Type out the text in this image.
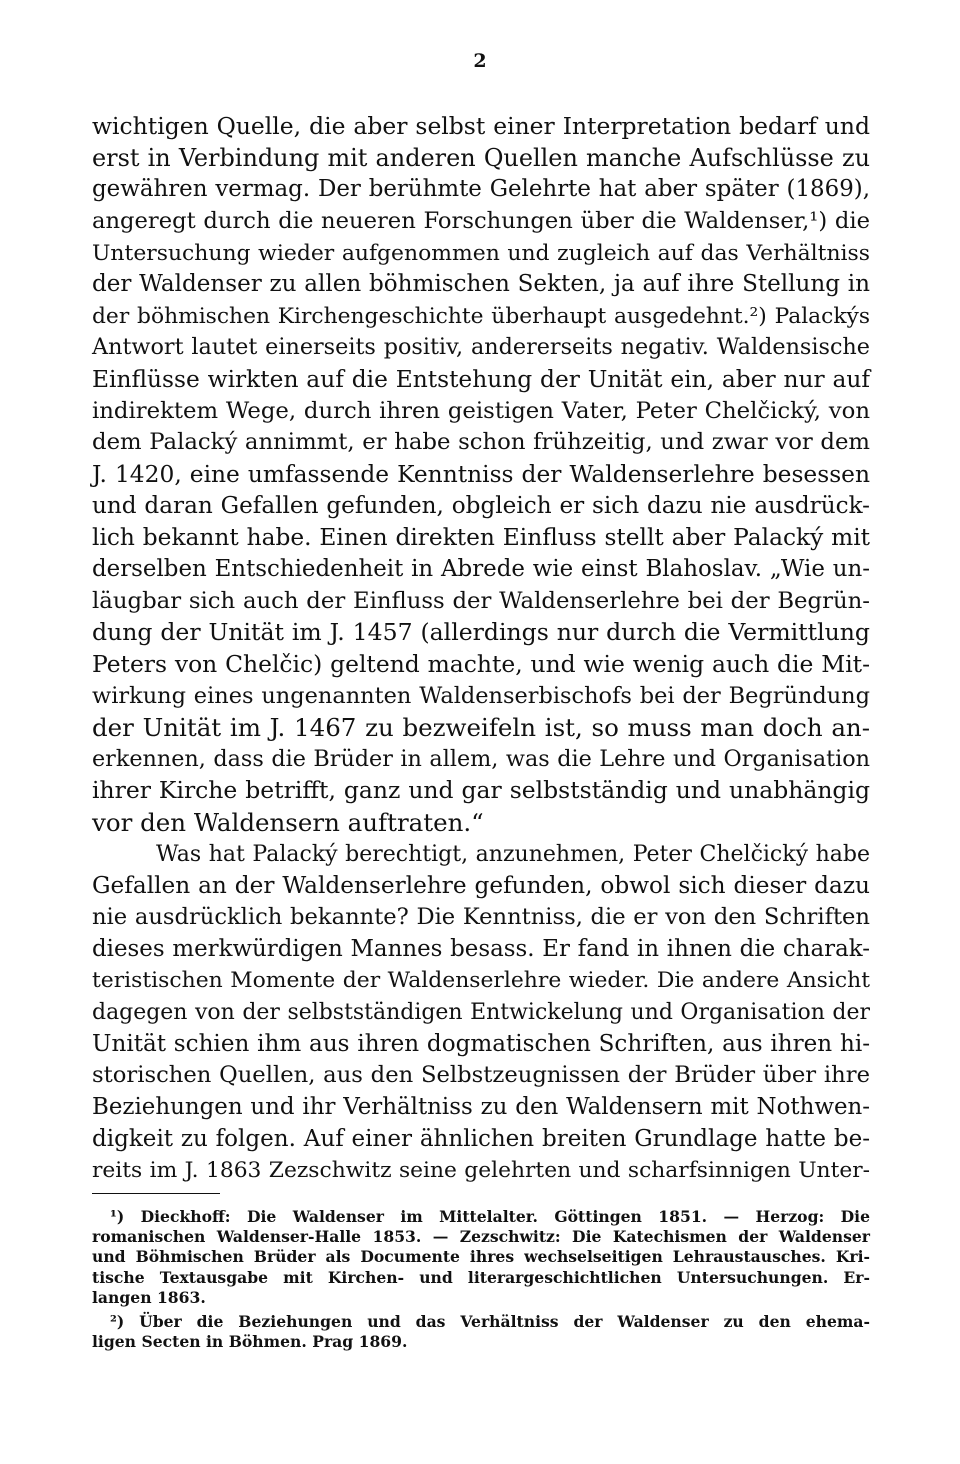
2
wichtigen Quelle, die aber selbst einer Interpretation bedarf und
erst in Verbindung mit anderen Quellen manche Aufschlüsse zu
gewähren vermag. Der berühmte Gelehrte hat aber später (1869),
angeregt durch die neueren Forschungen über die Waldenser,¹) die
Untersuchung wieder aufgenommen und zugleich auf das Verhältniss
der Waldenser zu allen böhmischen Sekten, ja auf ihre Stellung in
der böhmischen Kirchengeschichte überhaupt ausgedehnt.²) Palackýs
Antwort lautet einerseits positiv, andererseits negativ. Waldensische
Einflüsse wirkten auf die Entstehung der Unität ein, aber nur auf
indirektem Wege, durch ihren geistigen Vater, Peter Chelčický, von
dem Palacký annimmt, er habe schon frühzeitig, und zwar vor dem
J. 1420, eine umfassende Kenntniss der Waldenserlehre besessen
und daran Gefallen gefunden, obgleich er sich dazu nie ausdrück-
lich bekannt habe. Einen direkten Einfluss stellt aber Palacký mit
derselben Entschiedenheit in Abrede wie einst Blahoslav. „Wie un-
läugbar sich auch der Einfluss der Waldenserlehre bei der Begrün-
dung der Unität im J. 1457 (allerdings nur durch die Vermittlung
Peters von Chelčic) geltend machte, und wie wenig auch die Mit-
wirkung eines ungenannten Waldenserbischofs bei der Begründung
der Unität im J. 1467 zu bezweifeln ist, so muss man doch an-
erkennen, dass die Brüder in allem, was die Lehre und Organisation
ihrer Kirche betrifft, ganz und gar selbstständig und unabhängig
vor den Waldensern auftraten.“
Was hat Palacký berechtigt, anzunehmen, Peter Chelčický habe
Gefallen an der Waldenserlehre gefunden, obwol sich dieser dazu
nie ausdrücklich bekannte? Die Kenntniss, die er von den Schriften
dieses merkwürdigen Mannes besass. Er fand in ihnen die charak-
teristischen Momente der Waldenserlehre wieder. Die andere Ansicht
dagegen von der selbstständigen Entwickelung und Organisation der
Unität schien ihm aus ihren dogmatischen Schriften, aus ihren hi-
storischen Quellen, aus den Selbstzeugnissen der Brüder über ihre
Beziehungen und ihr Verhältniss zu den Waldensern mit Nothwen-
digkeit zu folgen. Auf einer ähnlichen breiten Grundlage hatte be-
reits im J. 1863 Zezschwitz seine gelehrten und scharfsinnigen Unter-
¹) Dieckhoff: Die Waldenser im Mittelalter. Göttingen 1851. — Herzog: Die
romanischen Waldenser-Halle 1853. — Zezschwitz: Die Katechismen der Waldenser
und Böhmischen Brüder als Documente ihres wechselseitigen Lehraustausches. Kri-
tische Textausgabe mit Kirchen- und literargeschichtlichen Untersuchungen. Er-
langen 1863.
²) Über die Beziehungen und das Verhältniss der Waldenser zu den ehema-
ligen Secten in Böhmen. Prag 1869.
